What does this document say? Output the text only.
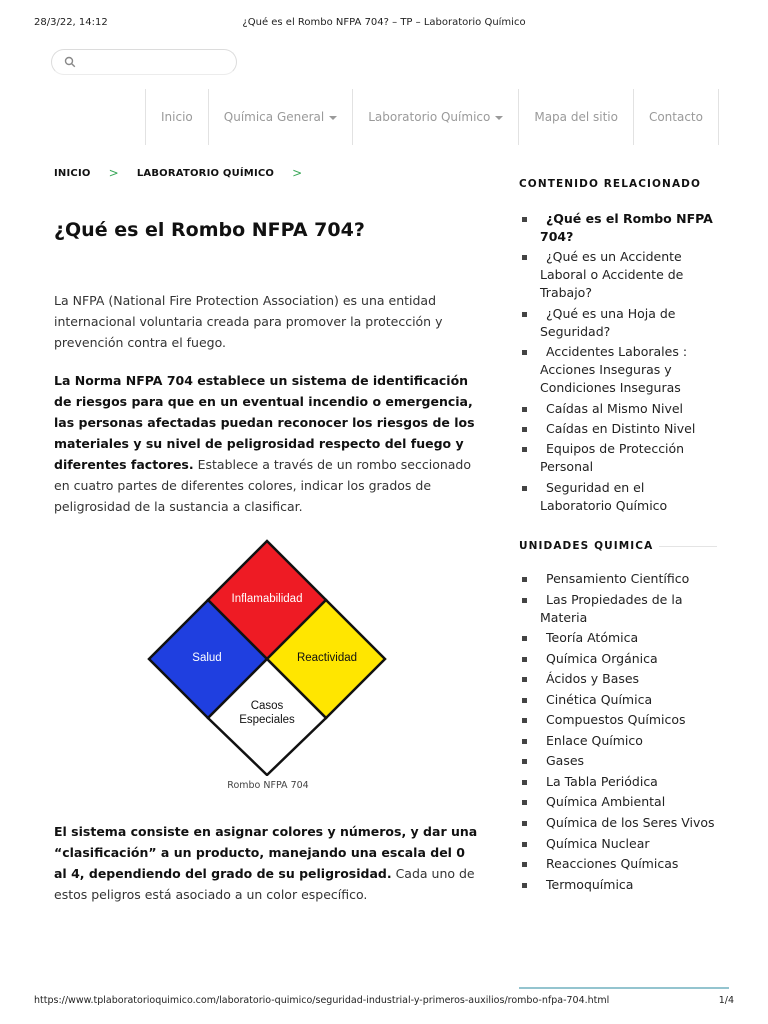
28/3/22, 14:12	¿Qué es el Rombo NFPA 704? – TP – Laboratorio Químico
Inicio	Química General	Laboratorio Químico	Mapa del sitio	Contacto
INICIO > LABORATORIO QUÍMICO >
¿Qué es el Rombo NFPA 704?

La NFPA (National Fire Protection Association) es una entidad internacional voluntaria creada para promover la protección y prevención contra el fuego.

La Norma NFPA 704 establece un sistema de identificación de riesgos para que en un eventual incendio o emergencia, las personas afectadas puedan reconocer los riesgos de los materiales y su nivel de peligrosidad respecto del fuego y diferentes factores. Establece a través de un rombo seccionado en cuatro partes de diferentes colores, indicar los grados de peligrosidad de la sustancia a clasificar.

Inflamabilidad
Salud	Reactividad
Casos
Especiales
Rombo NFPA 704

El sistema consiste en asignar colores y números, y dar una “clasificación” a un producto, manejando una escala del 0 al 4, dependiendo del grado de su peligrosidad. Cada uno de estos peligros está asociado a un color específico.

CONTENIDO RELACIONADO
¿Qué es el Rombo NFPA 704?
¿Qué es un Accidente Laboral o Accidente de Trabajo?
¿Qué es una Hoja de Seguridad?
Accidentes Laborales : Acciones Inseguras y Condiciones Inseguras
Caídas al Mismo Nivel
Caídas en Distinto Nivel
Equipos de Protección Personal
Seguridad en el Laboratorio Químico
UNIDADES QUIMICA
Pensamiento Científico
Las Propiedades de la Materia
Teoría Atómica
Química Orgánica
Ácidos y Bases
Cinética Química
Compuestos Químicos
Enlace Químico
Gases
La Tabla Periódica
Química Ambiental
Química de los Seres Vivos
Química Nuclear
Reacciones Químicas
Termoquímica
https://www.tplaboratorioquimico.com/laboratorio-quimico/seguridad-industrial-y-primeros-auxilios/rombo-nfpa-704.html	1/4
